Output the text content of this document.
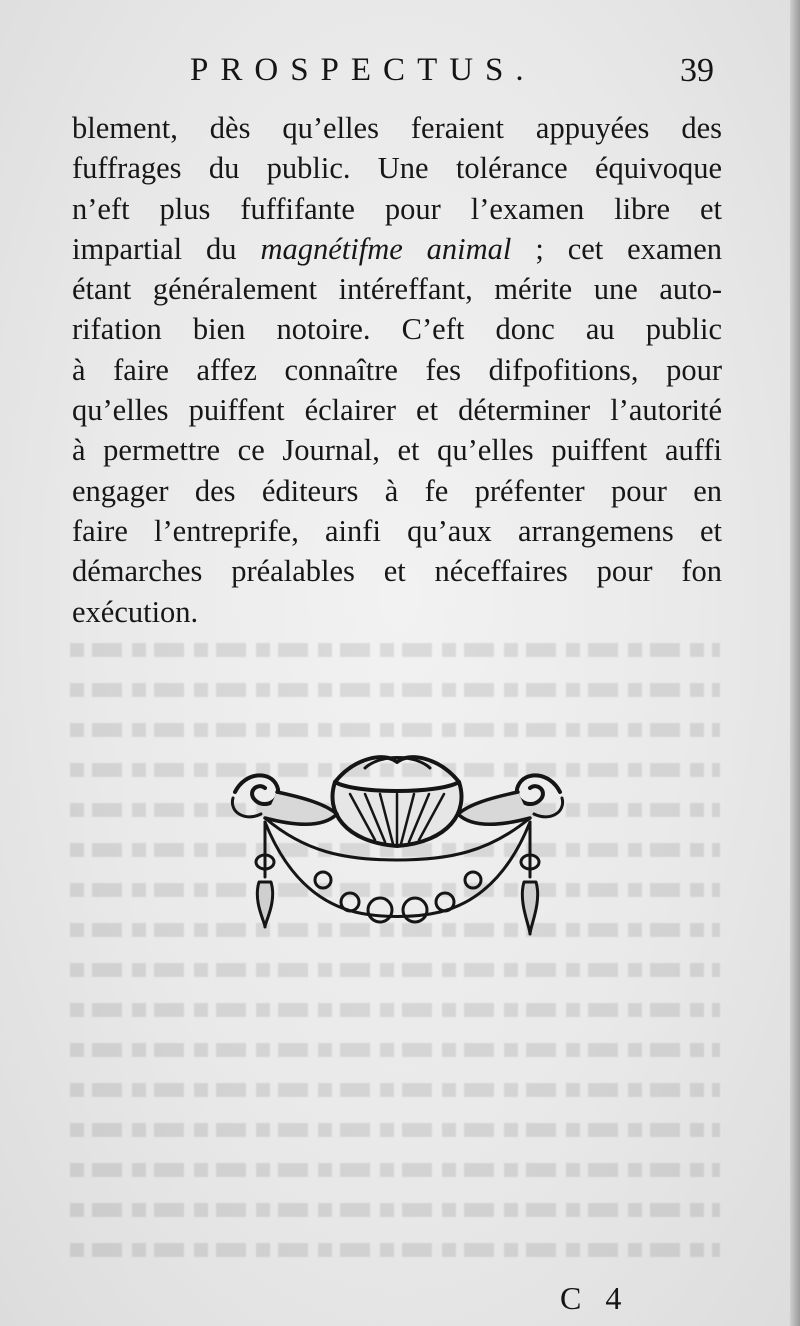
PROSPECTUS.	39

blement, dès qu’elles feraient appuyées des
fuffrages du public. Une tolérance équivoque
n’eft plus fuffifante pour l’examen libre et
impartial du magnétifme animal ; cet examen
étant généralement intéreffant, mérite une auto-
rifation bien notoire. C’eft donc au public
à faire affez connaître fes difpofitions, pour
qu’elles puiffent éclairer et déterminer l’autorité
à permettre ce Journal, et qu’elles puiffent auffi
engager des éditeurs à fe préfenter pour en
faire l’entreprife, ainfi qu’aux arrangemens et
démarches préalables et néceffaires pour fon
exécution.

C 4
